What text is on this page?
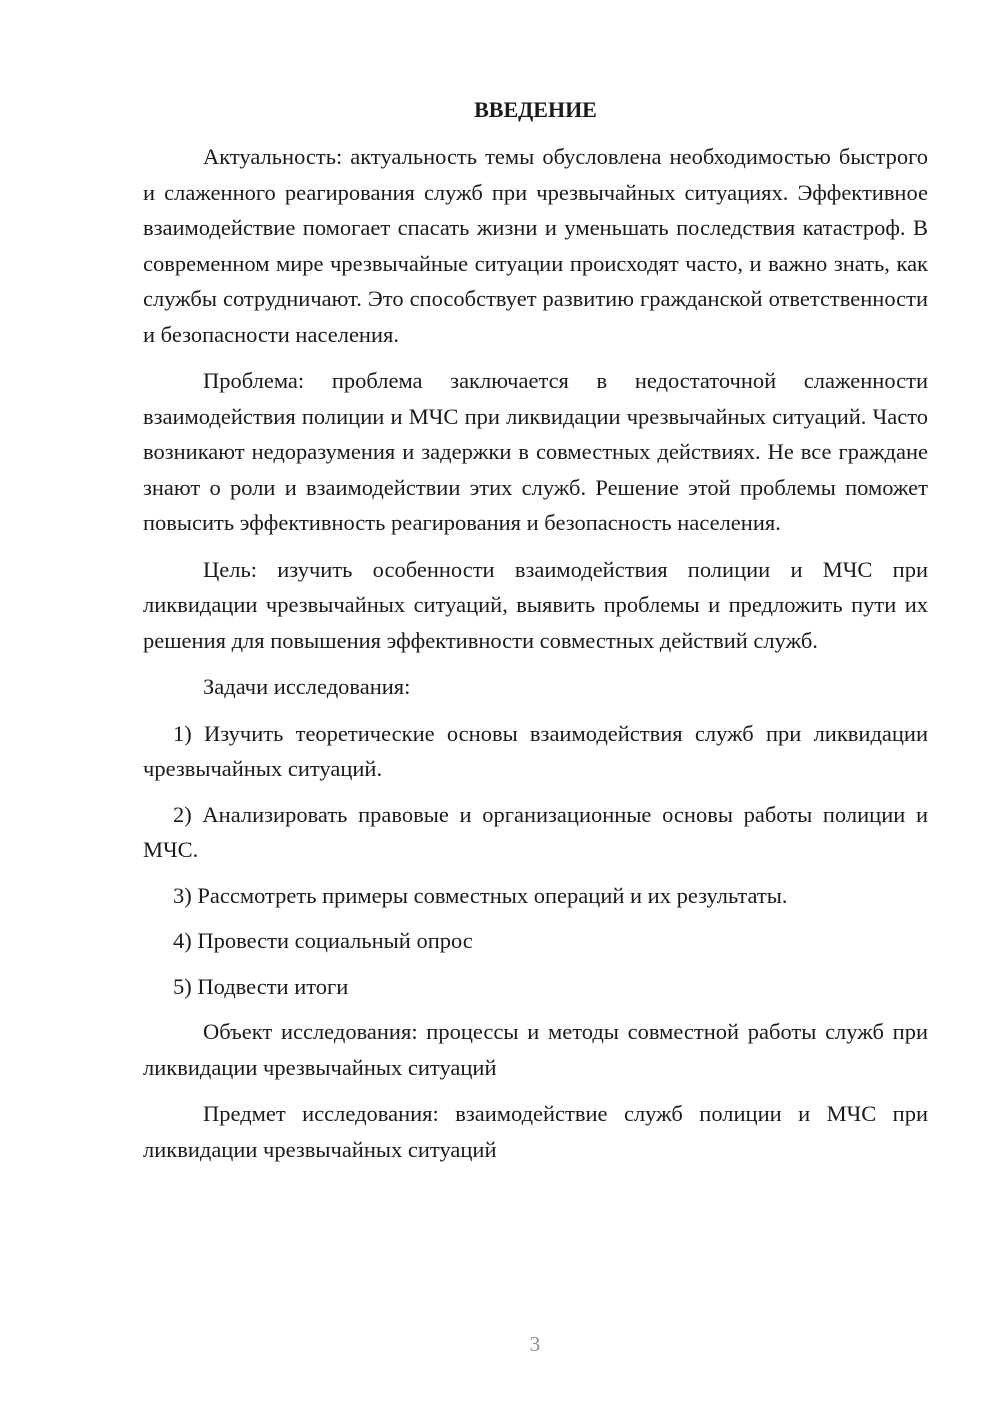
ВВЕДЕНИЕ

Актуальность: актуальность темы обусловлена необходимостью быстрого и слаженного реагирования служб при чрезвычайных ситуациях. Эффективное взаимодействие помогает спасать жизни и уменьшать последствия катастроф. В современном мире чрезвычайные ситуации происходят часто, и важно знать, как службы сотрудничают. Это способствует развитию гражданской ответственности и безопасности населения.

Проблема: проблема заключается в недостаточной слаженности взаимодействия полиции и МЧС при ликвидации чрезвычайных ситуаций. Часто возникают недоразумения и задержки в совместных действиях. Не все граждане знают о роли и взаимодействии этих служб. Решение этой проблемы поможет повысить эффективность реагирования и безопасность населения.

Цель: изучить особенности взаимодействия полиции и МЧС при ликвидации чрезвычайных ситуаций, выявить проблемы и предложить пути их решения для повышения эффективности совместных действий служб.

Задачи исследования:

1) Изучить теоретические основы взаимодействия служб при ликвидации чрезвычайных ситуаций.

2) Анализировать правовые и организационные основы работы полиции и МЧС.

3) Рассмотреть примеры совместных операций и их результаты.

4) Провести социальный опрос

5) Подвести итоги

Объект исследования: процессы и методы совместной работы служб при ликвидации чрезвычайных ситуаций

Предмет исследования: взаимодействие служб полиции и МЧС при ликвидации чрезвычайных ситуаций

3
